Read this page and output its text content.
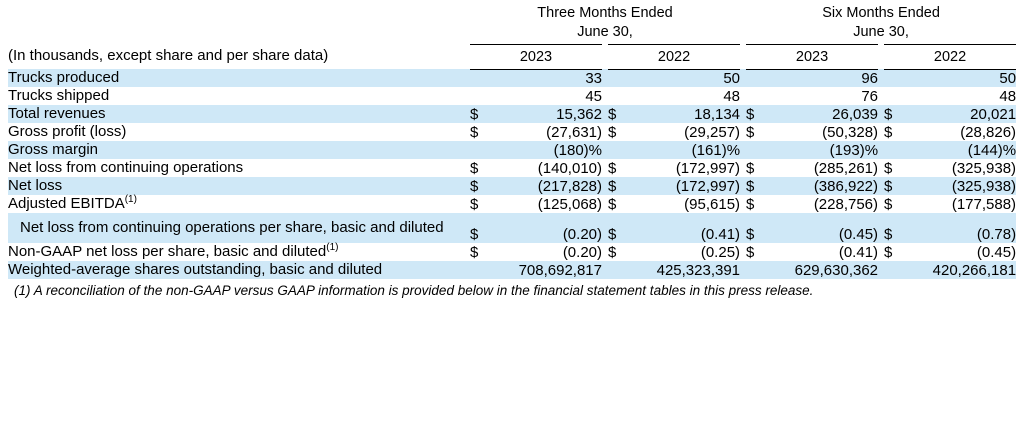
Three Months Ended
June 30,

Six Months Ended
June 30,

(In thousands, except share and per share data)	2023			2022			2023			2022	

Trucks produced		33			50			96			50
Trucks shipped		45			48			76			48
Total revenues	$	15,362		$	18,134		$	26,039		$	20,021
Gross profit (loss)	$	(27,631)		$	(29,257)		$	(50,328)		$	(28,826)
Gross margin		(180)%			(161)%			(193)%			(144)%
Net loss from continuing operations	$	(140,010)		$	(172,997)		$	(285,261)		$	(325,938)
Net loss	$	(217,828)		$	(172,997)		$	(386,922)		$	(325,938)
Adjusted EBITDA$^{(1)}$	$	(125,068)		$	(95,615)		$	(228,756)		$	(177,588)
Net loss from continuing operations per share, basic and diluted	$	(0.20)		$	(0.41)		$	(0.45)		$	(0.78)
Non-GAAP net loss per share, basic and diluted$^{(1)}$	$	(0.20)		$	(0.25)		$	(0.41)		$	(0.45)
Weighted-average shares outstanding, basic and diluted		708,692,817			425,323,391			629,630,362			420,266,181
(1) A reconciliation of the non-GAAP versus GAAP information is provided below in the financial statement tables in this press release.
